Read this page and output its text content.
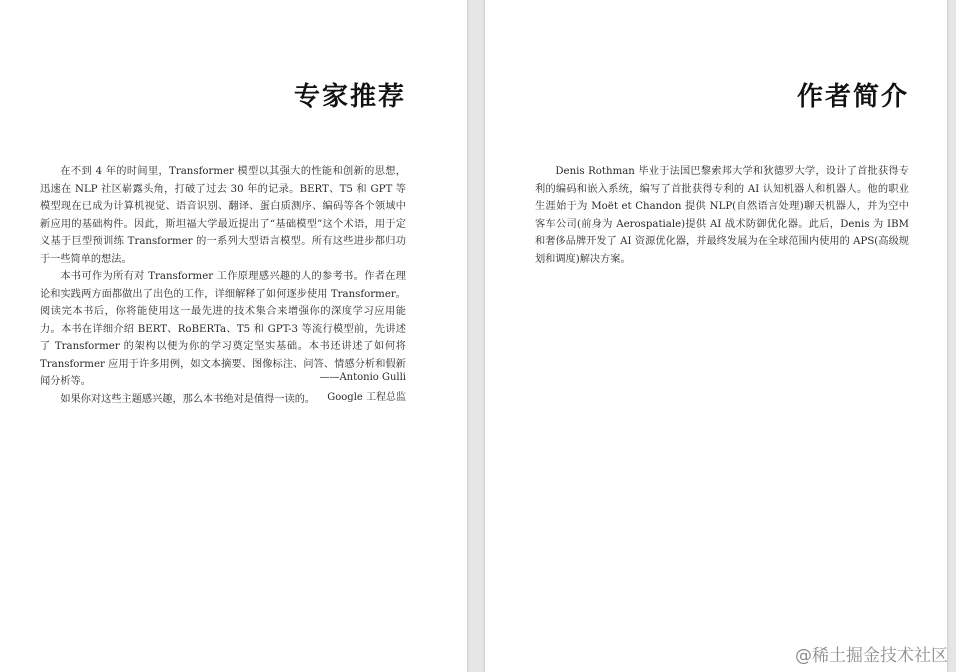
专家推荐

在不到 4 年的时间里，Transformer 模型以其强大的性能和创新的思想，迅速在 NLP 社区崭露头角，打破了过去 30 年的记录。BERT、T5 和 GPT 等模型现在已成为计算机视觉、语音识别、翻译、蛋白质测序、编码等各个领域中新应用的基础构件。因此，斯坦福大学最近提出了“基础模型”这个术语，用于定义基于巨型预训练 Transformer 的一系列大型语言模型。所有这些进步都归功于一些简单的想法。

本书可作为所有对 Transformer 工作原理感兴趣的人的参考书。作者在理论和实践两方面都做出了出色的工作，详细解释了如何逐步使用 Transformer。阅读完本书后，你将能使用这一最先进的技术集合来增强你的深度学习应用能力。本书在详细介绍 BERT、RoBERTa、T5 和 GPT-3 等流行模型前，先讲述了 Transformer 的架构以便为你的学习奠定坚实基础。本书还讲述了如何将 Transformer 应用于许多用例，如文本摘要、图像标注、问答、情感分析和假新闻分析等。

如果你对这些主题感兴趣，那么本书绝对是值得一读的。

——Antonio Gulli
Google 工程总监
作者简介

Denis Rothman 毕业于法国巴黎索邦大学和狄德罗大学，设计了首批获得专利的编码和嵌入系统，编写了首批获得专利的 AI 认知机器人和机器人。他的职业生涯始于为 Moët et Chandon 提供 NLP(自然语言处理)聊天机器人，并为空中客车公司(前身为 Aerospatiale)提供 AI 战术防御优化器。此后，Denis 为 IBM 和奢侈品牌开发了 AI 资源优化器，并最终发展为在全球范围内使用的 APS(高级规划和调度)解决方案。

@稀土掘金技术社区
